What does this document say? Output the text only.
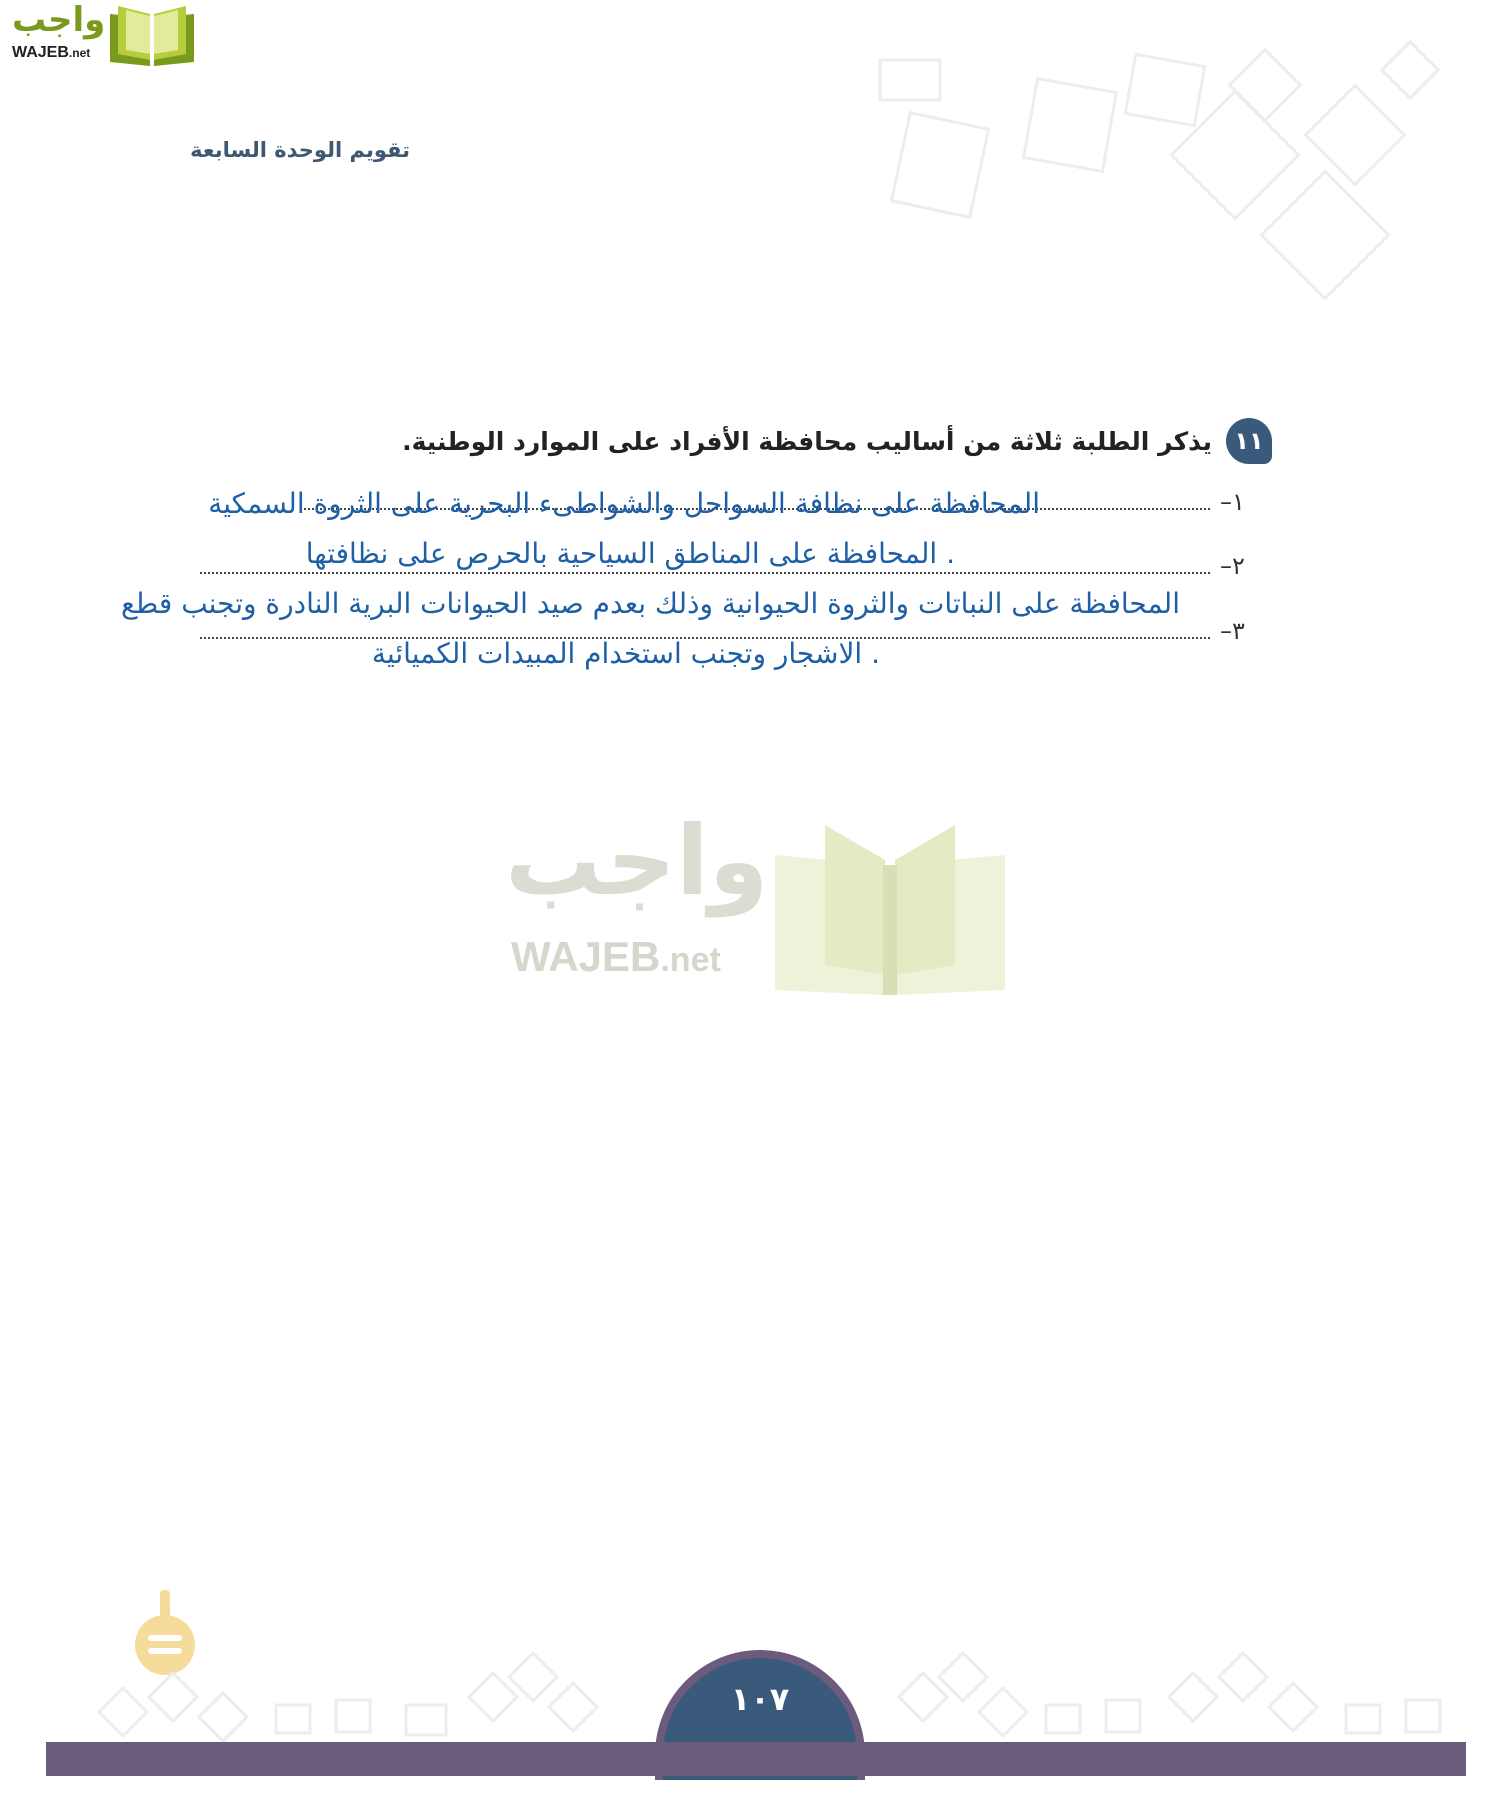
واجب
WAJEB.net
تقويم الوحدة السابعة
١١
يذكر الطلبة ثلاثة من أساليب محافظة الأفراد على الموارد الوطنية.
١–
المحافظة على نظافة السواحل والشواطىء البحرية على الثروة السمكية
٢–
. المحافظة على المناطق السياحية بالحرص على نظافتها
٣–
المحافظة على النباتات والثروة الحيوانية وذلك بعدم صيد الحيوانات البرية النادرة وتجنب قطع
. الاشجار وتجنب استخدام المبيدات الكميائية
واجب
WAJEB.net
١٠٧
